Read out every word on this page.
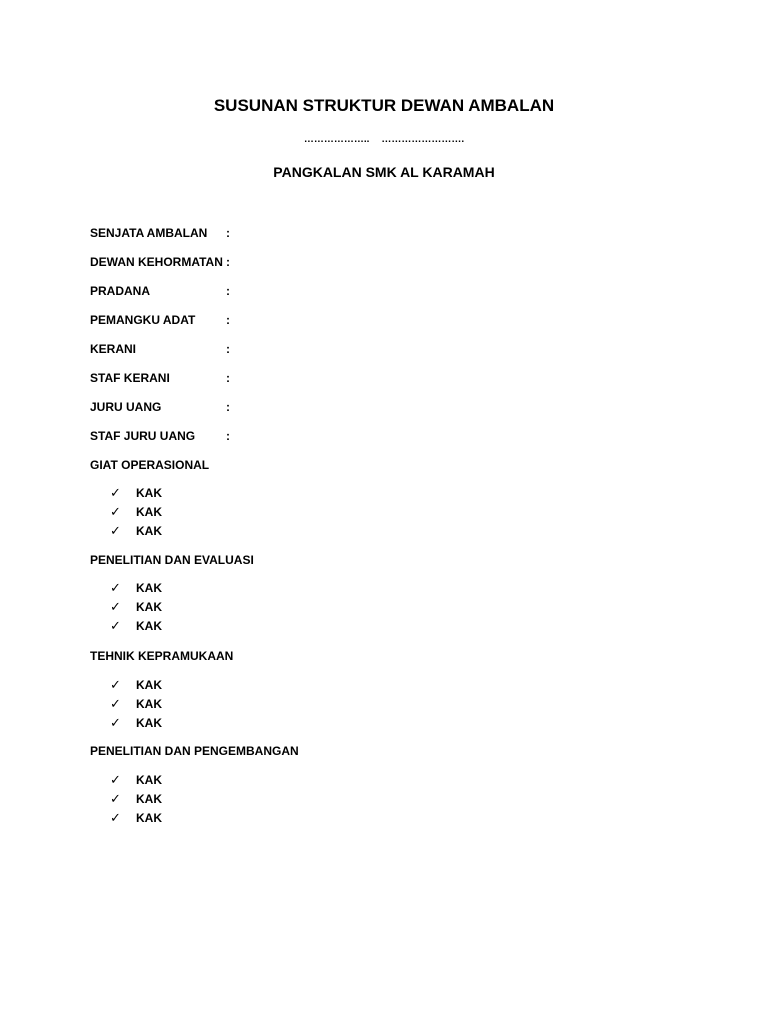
SUSUNAN STRUKTUR DEWAN AMBALAN
……………….. …………………….
PANGKALAN SMK AL KARAMAH
SENJATA AMBALAN :
DEWAN KEHORMATAN :
PRADANA	:
PEMANGKU ADAT	:
KERANI	:
STAF KERANI	:
JURU UANG	:
STAF JURU UANG	:
GIAT OPERASIONAL
✓ KAK
✓ KAK
✓ KAK
PENELITIAN DAN EVALUASI
✓ KAK
✓ KAK
✓ KAK
TEHNIK KEPRAMUKAAN
✓ KAK
✓ KAK
✓ KAK
PENELITIAN DAN PENGEMBANGAN
✓ KAK
✓ KAK
✓ KAK
